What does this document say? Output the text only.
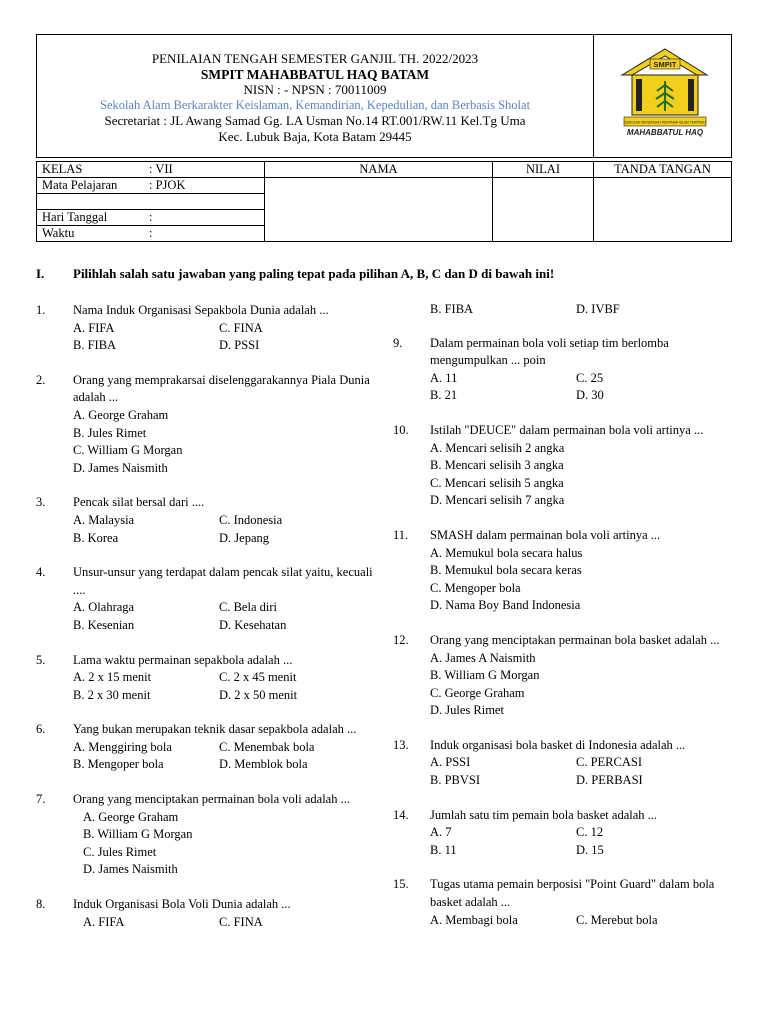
PENILAIAN TENGAH SEMESTER GANJIL TH. 2022/2023
SMPIT MAHABBATUL HAQ BATAM
NISN : - NPSN : 70011009
Sekolah Alam Berkarakter Keislaman, Kemandirian, Kepedulian, dan Berbasis Sholat
Secretariat : JL Awang Samad Gg. LA Usman No.14 RT.001/RW.11 Kel.Tg Uma
Kec. Lubuk Baja, Kota Batam 29445
SMPIT
SEKOLAH MENENGAH PERTAMA ISLAM TERPADU
MAHABBATUL HAQ
KELAS : VII	NAMA	NILAI	TANDA TANGAN
Mata Pelajaran : PJOK			

Hari Tanggal :			
Waktu :			
I. Pilihlah salah satu jawaban yang paling tepat pada pilihan A, B, C dan D di bawah ini!
1. Nama Induk Organisasi Sepakbola Dunia adalah ...
A. FIFA	C. FINA
B. FIBA	D. PSSI
2. Orang yang memprakarsai diselenggarakannya Piala Dunia adalah ...
A. George Graham
B. Jules Rimet
C. William G Morgan
D. James Naismith
3. Pencak silat bersal dari ....
A. Malaysia	C. Indonesia
B. Korea	D. Jepang
4. Unsur-unsur yang terdapat dalam pencak silat yaitu, kecuali ....
A. Olahraga	C. Bela diri
B. Kesenian	D. Kesehatan
5. Lama waktu permainan sepakbola adalah ...
A. 2 x 15 menit	C. 2 x 45 menit
B. 2 x 30 menit	D. 2 x 50 menit
6. Yang bukan merupakan teknik dasar sepakbola adalah ...
A. Menggiring bola	C. Menembak bola
B. Mengoper bola	D. Memblok bola
7. Orang yang menciptakan permainan bola voli adalah ...
A. George Graham
B. William G Morgan
C. Jules Rimet
D. James Naismith
8. Induk Organisasi Bola Voli Dunia adalah ...
A. FIFA	C. FINA
B. FIBA	D. IVBF
9. Dalam permainan bola voli setiap tim berlomba mengumpulkan ... poin
A. 11	C. 25
B. 21	D. 30
10. Istilah "DEUCE" dalam permainan bola voli artinya ...
A. Mencari selisih 2 angka
B. Mencari selisih 3 angka
C. Mencari selisih 5 angka
D. Mencari selisih 7 angka
11. SMASH dalam permainan bola voli artinya ...
A. Memukul bola secara halus
B. Memukul bola secara keras
C. Mengoper bola
D. Nama Boy Band Indonesia
12. Orang yang menciptakan permainan bola basket adalah ...
A. James A Naismith
B. William G Morgan
C. George Graham
D. Jules Rimet
13. Induk organisasi bola basket di Indonesia adalah ...
A. PSSI	C. PERCASI
B. PBVSI	D. PERBASI
14. Jumlah satu tim pemain bola basket adalah ...
A. 7	C. 12
B. 11	D. 15
15. Tugas utama pemain berposisi "Point Guard" dalam bola basket adalah ...
A. Membagi bola	C. Merebut bola
